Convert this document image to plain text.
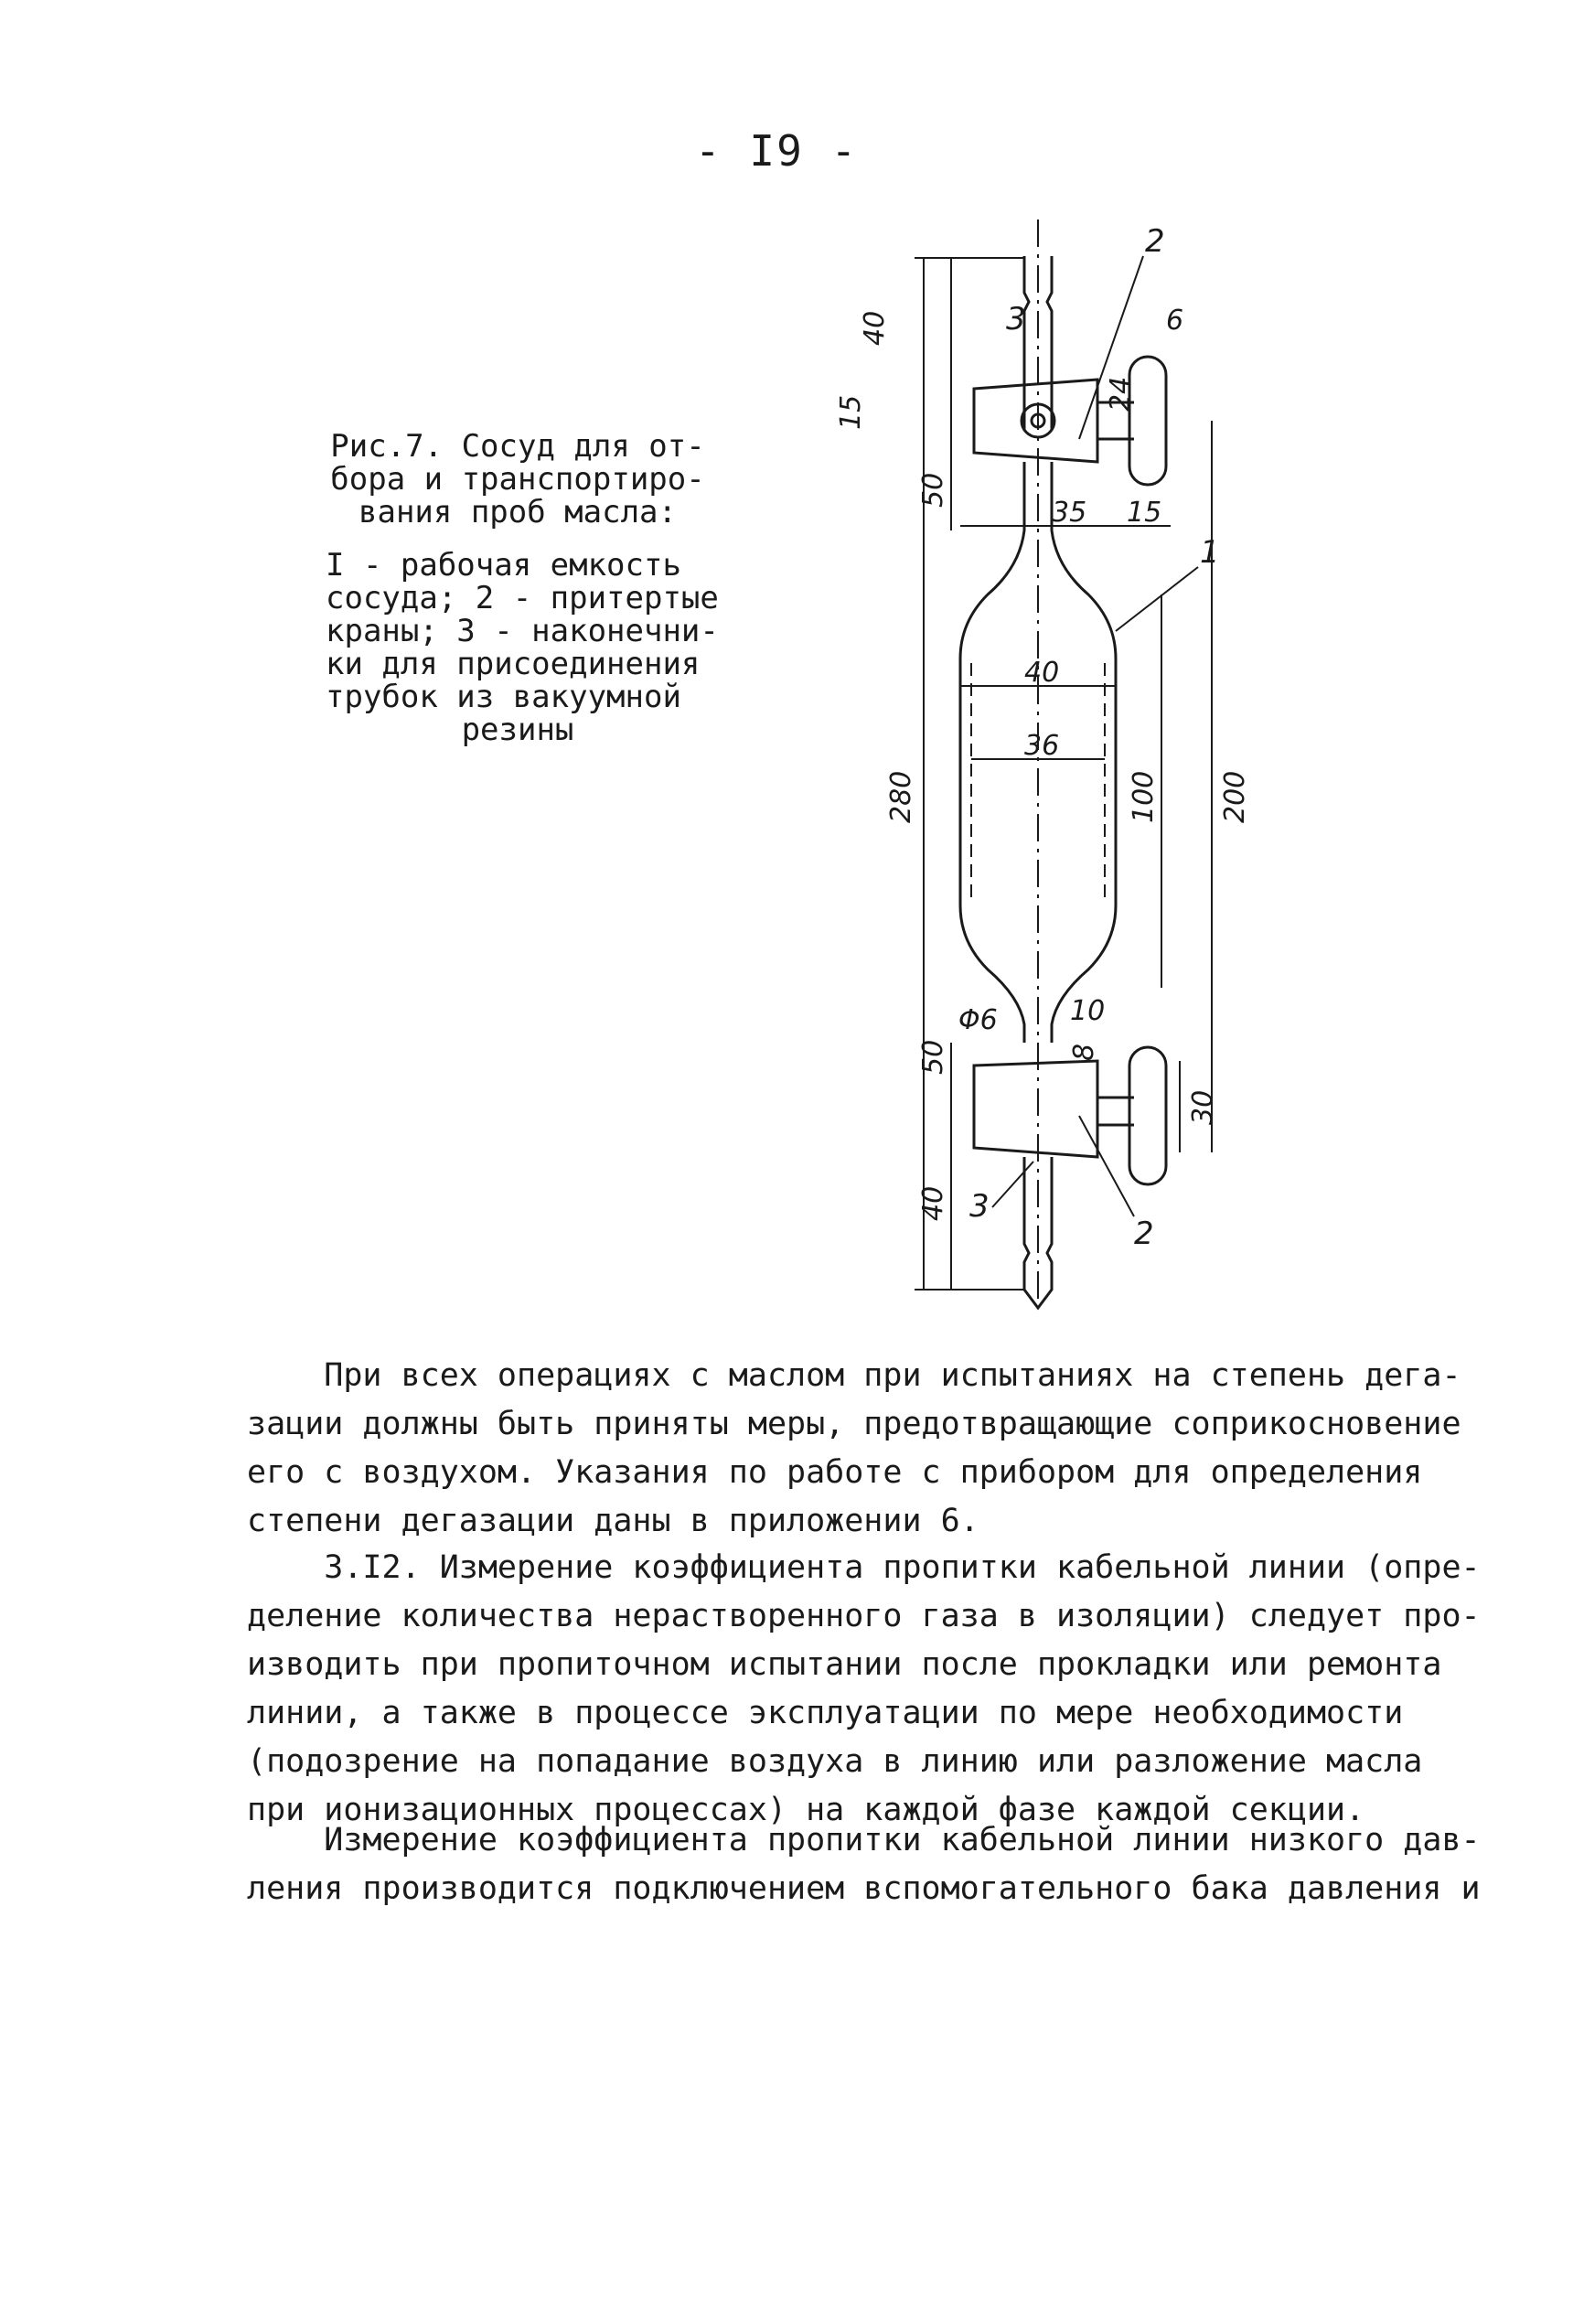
- I9 -
Рис.7. Сосуд для от-
бора и транспортиро-
вания проб масла:
I - рабочая емкость
сосуда; 2 - притертые
краны; 3 - наконечни-
ки для присоединения
трубок из вакуумной
резины
2
3
1
2
3
40
15
50
35 15
6
24
40
36
100 200
280
Φ6	10
8
30
50
40
При всех операциях с маслом при испытаниях на степень дега-
зации должны быть приняты меры, предотвращающие соприкосновение
его с воздухом. Указания по работе с прибором для определения
степени дегазации даны в приложении 6.
3.I2. Измерение коэффициента пропитки кабельной линии (опре-
деление количества нерастворенного газа в изоляции) следует про-
изводить при пропиточном испытании после прокладки или ремонта
линии, а также в процессе эксплуатации по мере необходимости
(подозрение на попадание воздуха в линию или разложение масла
при ионизационных процессах) на каждой фазе каждой секции.
Измерение коэффициента пропитки кабельной линии низкого дав-
ления производится подключением вспомогательного бака давления и
